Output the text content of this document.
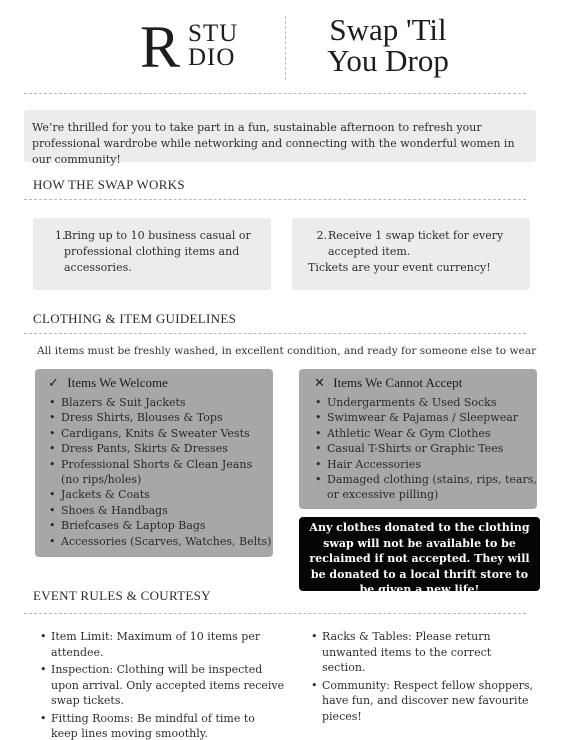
R STU
DIO
Swap 'Til
You Drop
We’re thrilled for you to take part in a fun, sustainable afternoon to refresh your professional wardrobe while networking and connecting with the wonderful women in our community!
HOW THE SWAP WORKS
1.
Bring up to 10 business casual or professional clothing items and accessories.
2. Receive 1 swap ticket for every accepted item.
Tickets are your event currency!
CLOTHING & ITEM GUIDELINES
All items must be freshly washed, in excellent condition, and ready for someone else to wear
✓ Items We Welcome
• Blazers & Suit Jackets
• Dress Shirts, Blouses & Tops
• Cardigans, Knits & Sweater Vests
• Dress Pants, Skirts & Dresses
• Professional Shorts & Clean Jeans (no rips/holes)
• Jackets & Coats
• Shoes & Handbags
• Briefcases & Laptop Bags
• Accessories (Scarves, Watches, Belts)
✕ Items We Cannot Accept
• Undergarments & Used Socks
• Swimwear & Pajamas / Sleepwear
• Athletic Wear & Gym Clothes
• Casual T-Shirts or Graphic Tees
• Hair Accessories
• Damaged clothing (stains, rips, tears, or excessive pilling)
Any clothes donated to the clothing swap will not be available to be reclaimed if not accepted. They will be donated to a local thrift store to be given a new life!
EVENT RULES & COURTESY
• Item Limit: Maximum of 10 items per attendee.
• Inspection: Clothing will be inspected upon arrival. Only accepted items receive swap tickets.
• Fitting Rooms: Be mindful of time to keep lines moving smoothly.
• Racks & Tables: Please return unwanted items to the correct section.
• Community: Respect fellow shoppers, have fun, and discover new favourite pieces!
